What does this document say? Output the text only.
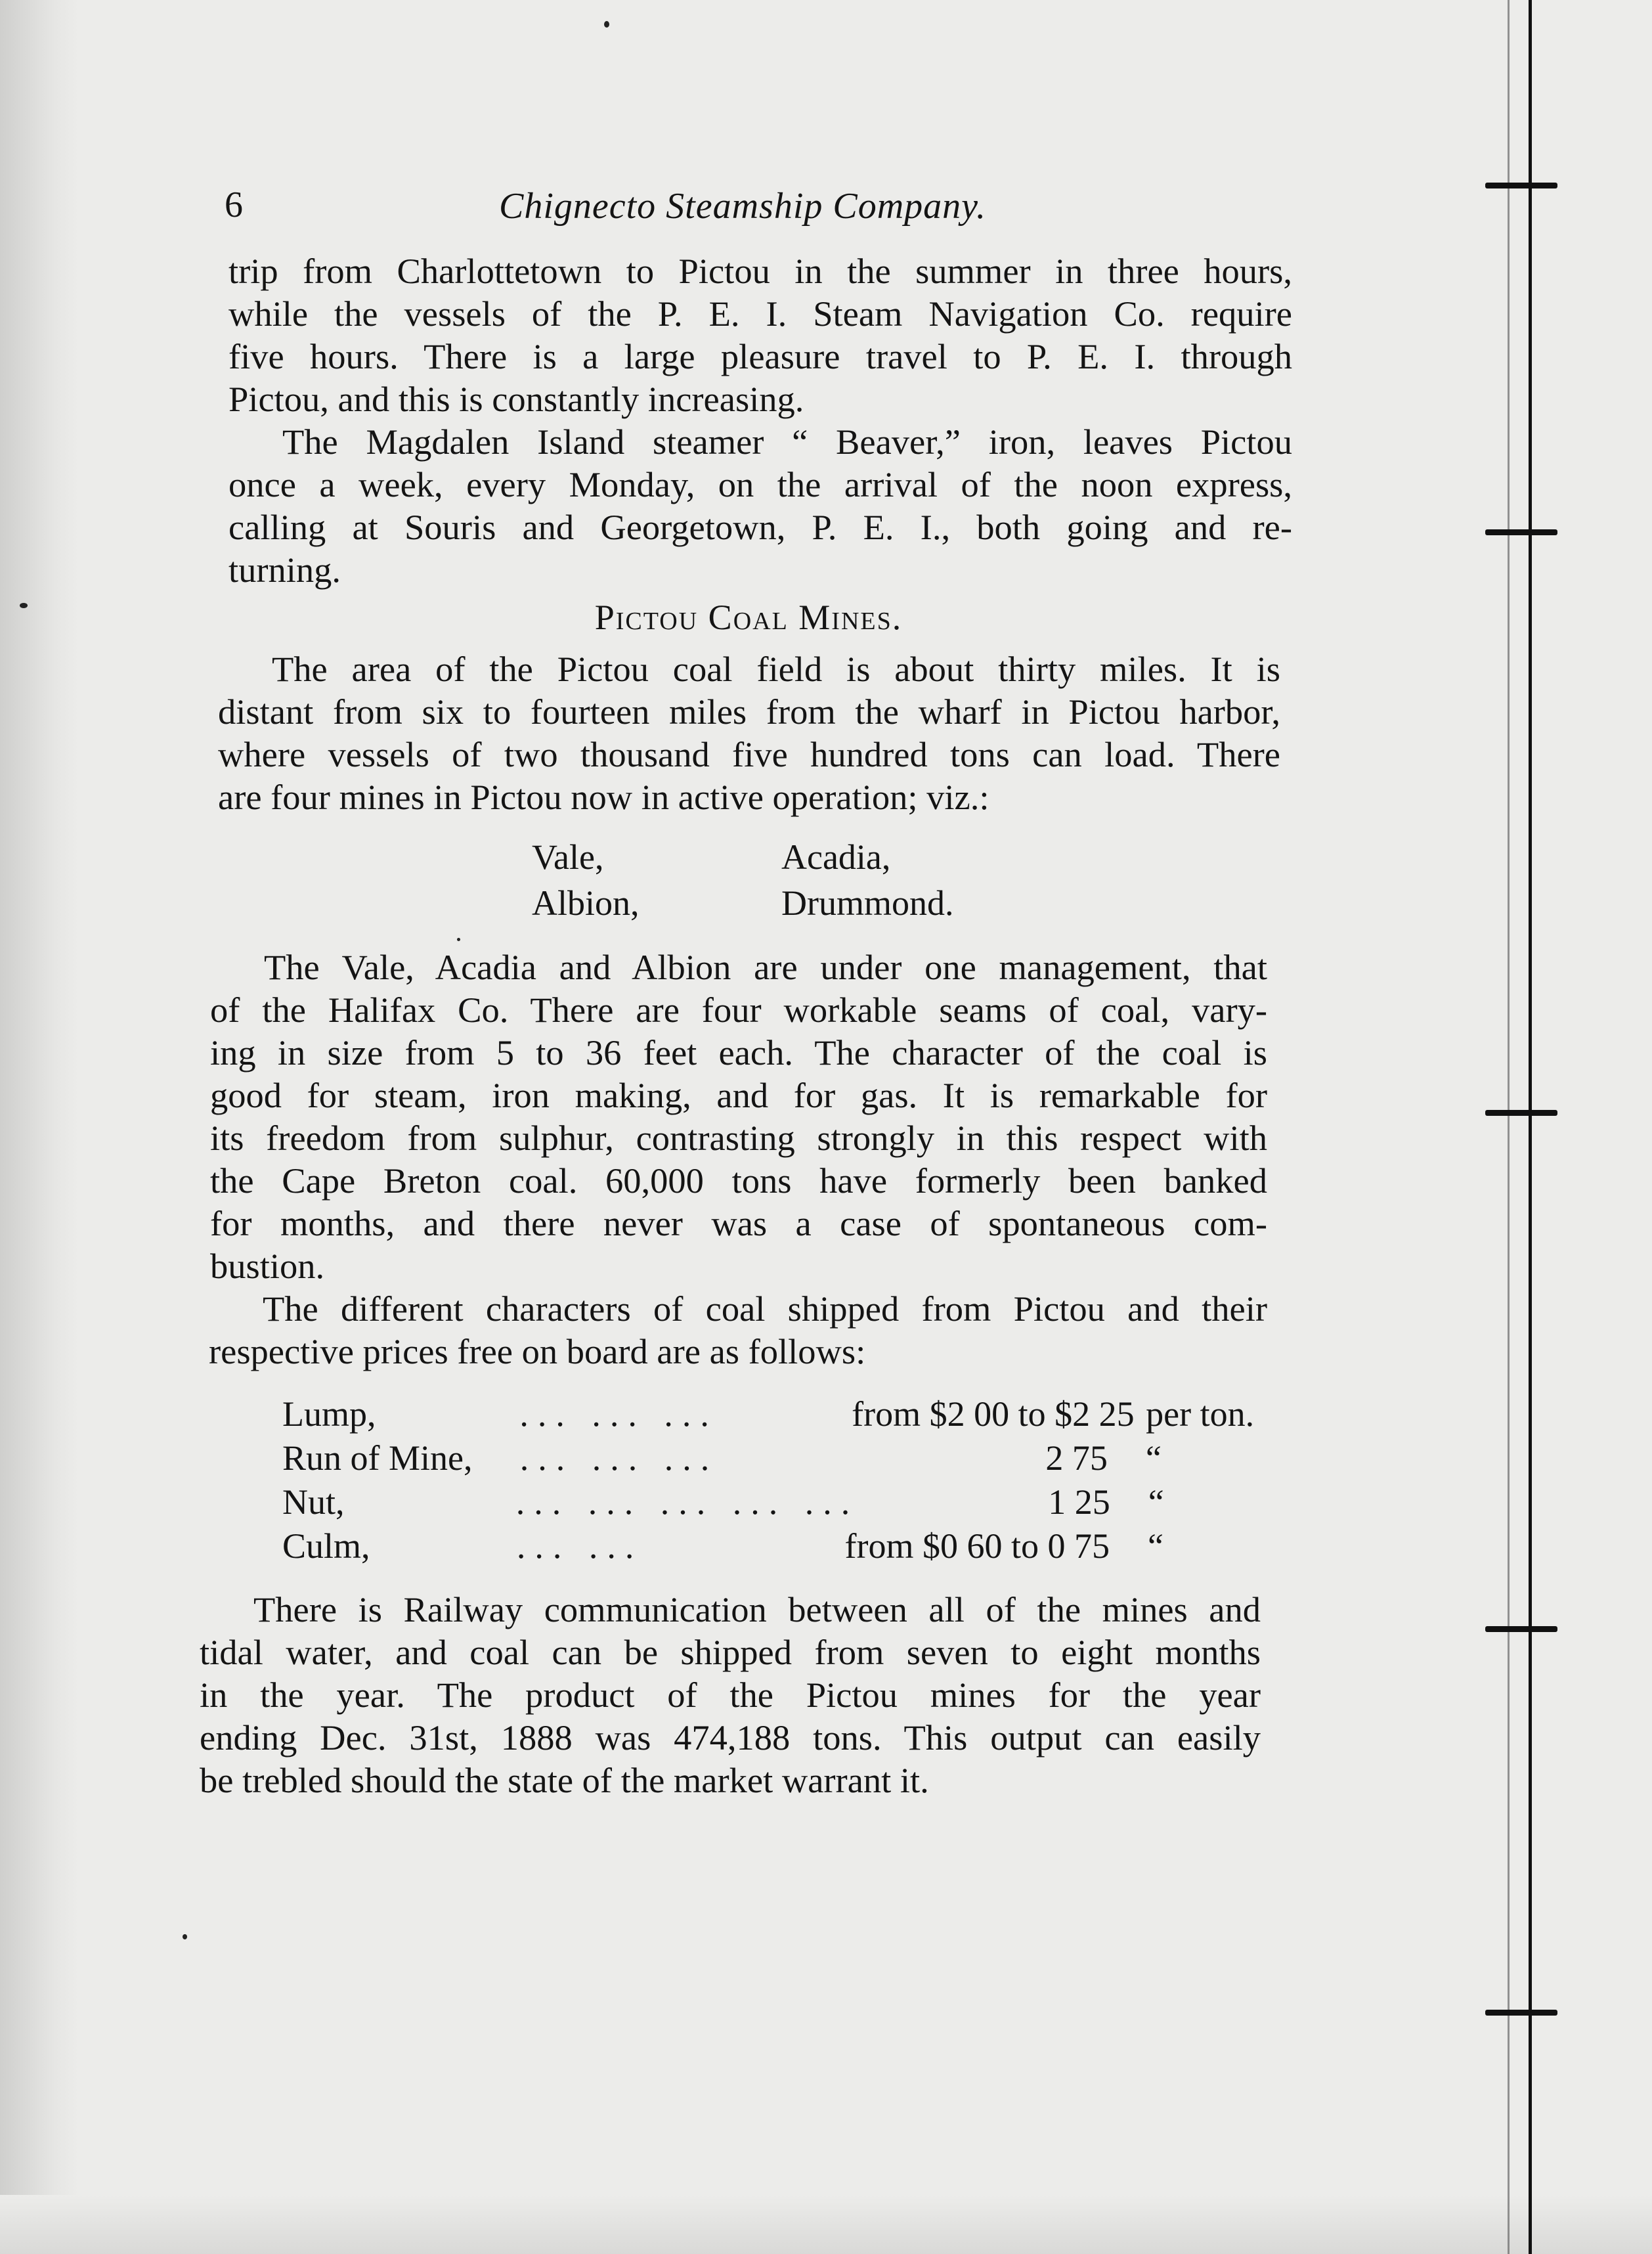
6	Chignecto Steamship Company.
trip from Charlottetown to Pictou in the summer in three hours,
while the vessels of the P. E. I. Steam Navigation Co. require
five hours. There is a large pleasure travel to P. E. I. through
Pictou, and this is constantly increasing.
The Magdalen Island steamer “ Beaver,” iron, leaves Pictou
once a week, every Monday, on the arrival of the noon express,
calling at Souris and Georgetown, P. E. I., both going and re-
turning.
Pictou Coal Mines.
The area of the Pictou coal field is about thirty miles. It is
distant from six to fourteen miles from the wharf in Pictou harbor,
where vessels of two thousand five hundred tons can load. There
are four mines in Pictou now in active operation; viz.:
Vale,	Acadia,
Albion,	Drummond.
The Vale, Acadia and Albion are under one management, that
of the Halifax Co. There are four workable seams of coal, vary-
ing in size from 5 to 36 feet each. The character of the coal is
good for steam, iron making, and for gas. It is remarkable for
its freedom from sulphur, contrasting strongly in this respect with
the Cape Breton coal. 60,000 tons have formerly been banked
for months, and there never was a case of spontaneous com-
bustion.
The different characters of coal shipped from Pictou and their
respective prices free on board are as follows:
Lump,	... ... ...	from $2 00 to $2 25 per ton.
Run of Mine,	... ... ...	2 75	“
Nut,	... ... ... ... ...	1 25	“
Culm,	... ...	from $0 60 to 0 75	“
There is Railway communication between all of the mines and
tidal water, and coal can be shipped from seven to eight months
in the year. The product of the Pictou mines for the year
ending Dec. 31st, 1888 was 474,188 tons. This output can easily
be trebled should the state of the market warrant it.
